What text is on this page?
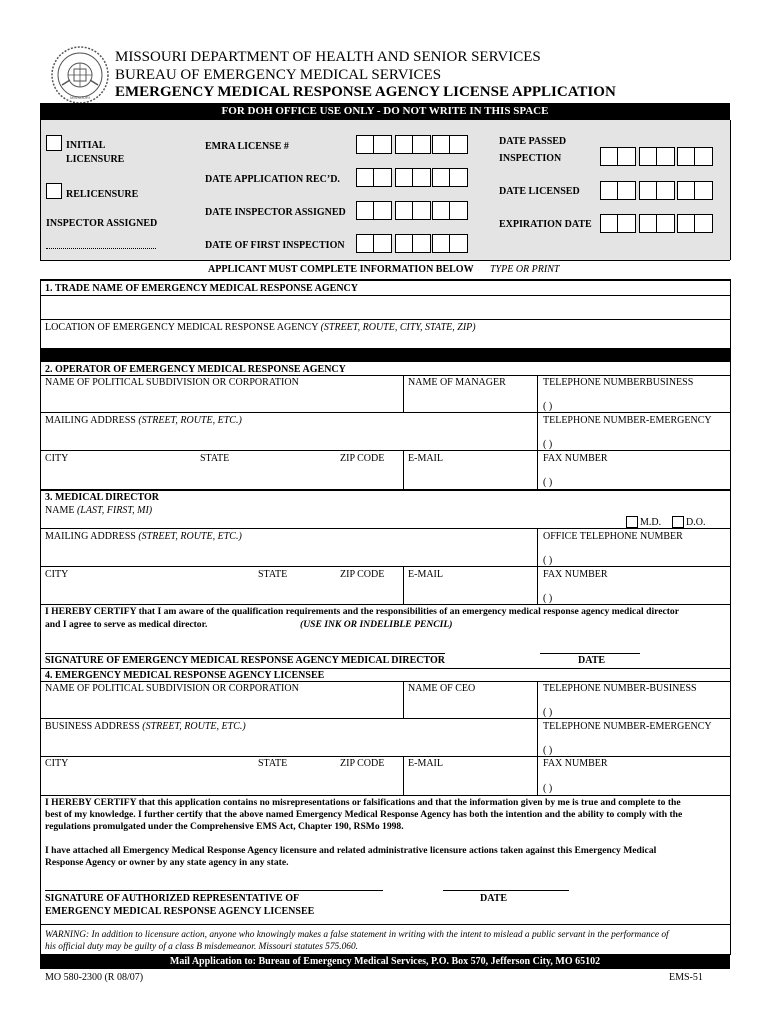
MISSOURI
MISSOURI DEPARTMENT OF HEALTH AND SENIOR SERVICES
BUREAU OF EMERGENCY MEDICAL SERVICES
EMERGENCY MEDICAL RESPONSE AGENCY LICENSE APPLICATION
FOR DOH OFFICE USE ONLY - DO NOT WRITE IN THIS SPACE
INITIAL
LICENSURE
RELICENSURE
INSPECTOR ASSIGNED
EMRA LICENSE #
DATE APPLICATION REC’D.
DATE INSPECTOR ASSIGNED
DATE OF FIRST INSPECTION
DATE PASSED
INSPECTION
DATE LICENSED
EXPIRATION DATE
APPLICANT MUST COMPLETE INFORMATION BELOW TYPE OR PRINT
1. TRADE NAME OF EMERGENCY MEDICAL RESPONSE AGENCY
LOCATION OF EMERGENCY MEDICAL RESPONSE AGENCY (STREET, ROUTE, CITY, STATE, ZIP)
2. OPERATOR OF EMERGENCY MEDICAL RESPONSE AGENCY
NAME OF POLITICAL SUBDIVISION OR CORPORATION	NAME OF MANAGER	TELEPHONE NUMBERBUSINESS
( )
MAILING ADDRESS (STREET, ROUTE, ETC.)	TELEPHONE NUMBER-EMERGENCY
( )
CITY	STATE	ZIP CODE E-MAIL	FAX NUMBER
( )
3. MEDICAL DIRECTOR
NAME (LAST, FIRST, MI)
M.D. D.O.
MAILING ADDRESS (STREET, ROUTE, ETC.)	OFFICE TELEPHONE NUMBER
( )
CITY	STATE	ZIP CODE E-MAIL	FAX NUMBER
( )
I HEREBY CERTIFY that I am aware of the qualification requirements and the responsibilities of an emergency medical response agency medical director
and I agree to serve as medical director.	(USE INK OR INDELIBLE PENCIL)
SIGNATURE OF EMERGENCY MEDICAL RESPONSE AGENCY MEDICAL DIRECTOR	DATE
4. EMERGENCY MEDICAL RESPONSE AGENCY LICENSEE
NAME OF POLITICAL SUBDIVISION OR CORPORATION	NAME OF CEO	TELEPHONE NUMBER-BUSINESS
( )
BUSINESS ADDRESS (STREET, ROUTE, ETC.)	TELEPHONE NUMBER-EMERGENCY
( )
CITY	STATE	ZIP CODE E-MAIL	FAX NUMBER
( )
I HEREBY CERTIFY that this application contains no misrepresentations or falsifications and that the information given by me is true and complete to the
best of my knowledge. I further certify that the above named Emergency Medical Response Agency has both the intention and the ability to comply with the
regulations promulgated under the Comprehensive EMS Act, Chapter 190, RSMo 1998.
I have attached all Emergency Medical Response Agency licensure and related administrative licensure actions taken against this Emergency Medical
Response Agency or owner by any state agency in any state.
SIGNATURE OF AUTHORIZED REPRESENTATIVE OF
EMERGENCY MEDICAL RESPONSE AGENCY LICENSEE
DATE
WARNING: In addition to licensure action, anyone who knowingly makes a false statement in writing with the intent to mislead a public servant in the performance of
his official duty may be guilty of a class B misdemeanor. Missouri statutes 575.060.
Mail Application to: Bureau of Emergency Medical Services, P.O. Box 570, Jefferson City, MO 65102
MO 580-2300 (R 08/07)	EMS-51
